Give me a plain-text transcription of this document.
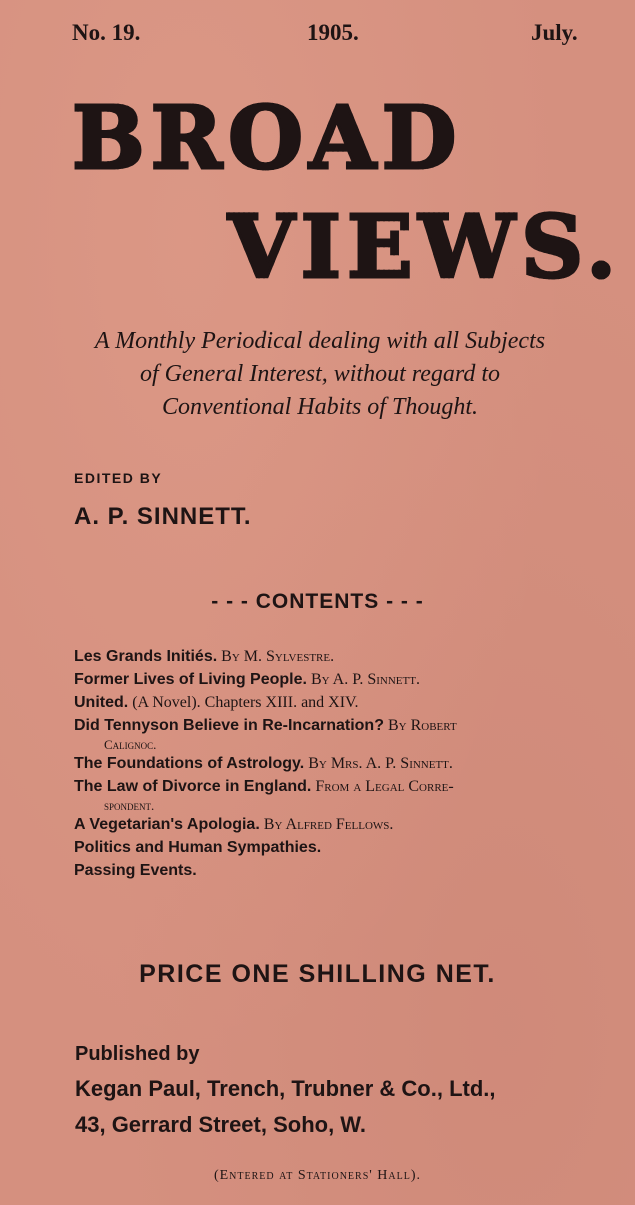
No. 19.	1905.	July.
BROAD
VIEWS.
A Monthly Periodical dealing with all Subjects
of General Interest, without regard to
Conventional Habits of Thought.
EDITED BY
A. P. SINNETT.
- - - CONTENTS - - -
Les Grands Initiés. By M. Sylvestre.
Former Lives of Living People. By A. P. Sinnett.
United. (A Novel). Chapters XIII. and XIV.
Did Tennyson Believe in Re-Incarnation? By Robert
Calignoc.
The Foundations of Astrology. By Mrs. A. P. Sinnett.
The Law of Divorce in England. From a Legal Corre-
spondent.
A Vegetarian's Apologia. By Alfred Fellows.
Politics and Human Sympathies.
Passing Events.
PRICE ONE SHILLING NET.
Published by
Kegan Paul, Trench, Trubner & Co., Ltd.,
43, Gerrard Street, Soho, W.
(Entered at Stationers' Hall).
